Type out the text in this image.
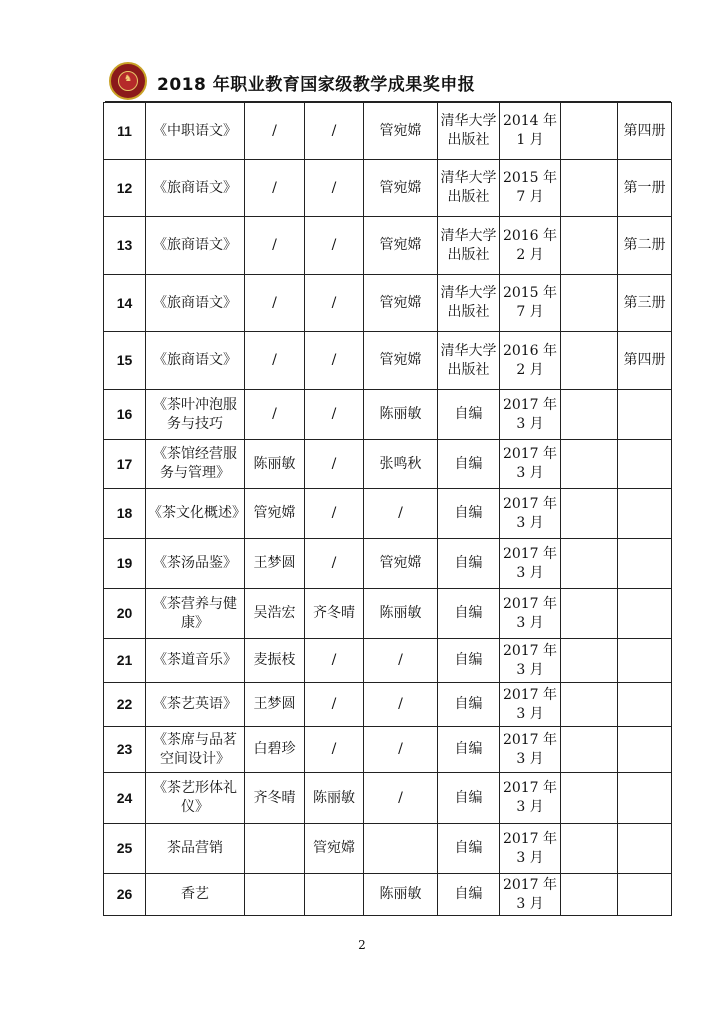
♞	2018 年职业教育国家级教学成果奖申报
11	《中职语文》	/	/	管宛嫦	清华大学出版社	2014 年 1 月		第四册
12	《旅商语文》	/	/	管宛嫦	清华大学出版社	2015 年 7 月		第一册
13	《旅商语文》	/	/	管宛嫦	清华大学出版社	2016 年 2 月		第二册
14	《旅商语文》	/	/	管宛嫦	清华大学出版社	2015 年 7 月		第三册
15	《旅商语文》	/	/	管宛嫦	清华大学出版社	2016 年 2 月		第四册
16	《茶叶冲泡服务与技巧	/	/	陈丽敏	自编	2017 年 3 月		
17	《茶馆经营服务与管理》	陈丽敏	/	张鸣秋	自编	2017 年 3 月		
18	《茶文化概述》	管宛嫦	/	/	自编	2017 年 3 月		
19	《茶汤品鉴》	王梦圆	/	管宛嫦	自编	2017 年 3 月		
20	《茶营养与健康》	吴浩宏	齐冬晴	陈丽敏	自编	2017 年 3 月		
21	《茶道音乐》	麦振枝	/	/	自编	2017 年 3 月		
22	《茶艺英语》	王梦圆	/	/	自编	2017 年 3 月		
23	《茶席与品茗空间设计》	白碧珍	/	/	自编	2017 年 3 月		
24	《茶艺形体礼仪》	齐冬晴	陈丽敏	/	自编	2017 年 3 月		
25	茶品营销		管宛嫦		自编	2017 年 3 月		
26	香艺			陈丽敏	自编	2017 年 3 月		
2
